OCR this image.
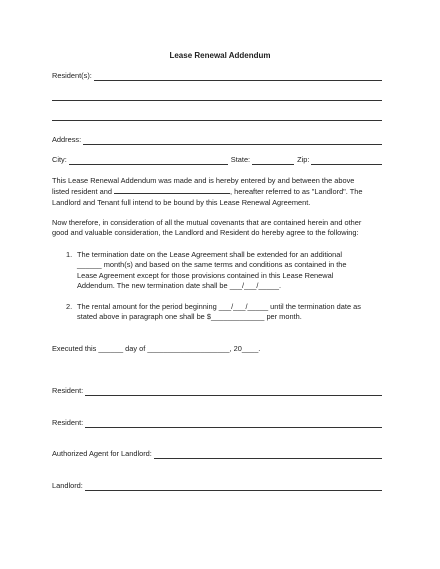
Lease Renewal Addendum
Resident(s):
Address:
City:	State:	Zip:

This Lease Renewal Addendum was made and is hereby entered by and between the above

listed resident and	, hereafter referred to as "Landlord". The

Landlord and Tenant full intend to be bound by this Lease Renewal Agreement.

Now therefore, in consideration of all the mutual covenants that are contained herein and other

good and valuable consideration, the Landlord and Resident do hereby agree to the following:

1. The termination date on the Lease Agreement shall be extended for an additional

______ month(s) and based on the same terms and conditions as contained in the

Lease Agreement except for those provisions contained in this Lease Renewal

Addendum. The new termination date shall be ___/___/_____.

2. The rental amount for the period beginning ___/___/_____ until the termination date as

stated above in paragraph one shall be $_____________ per month.

Executed this ______ day of ____________________, 20____.
Resident:
Resident:
Authorized Agent for Landlord:
Landlord:
